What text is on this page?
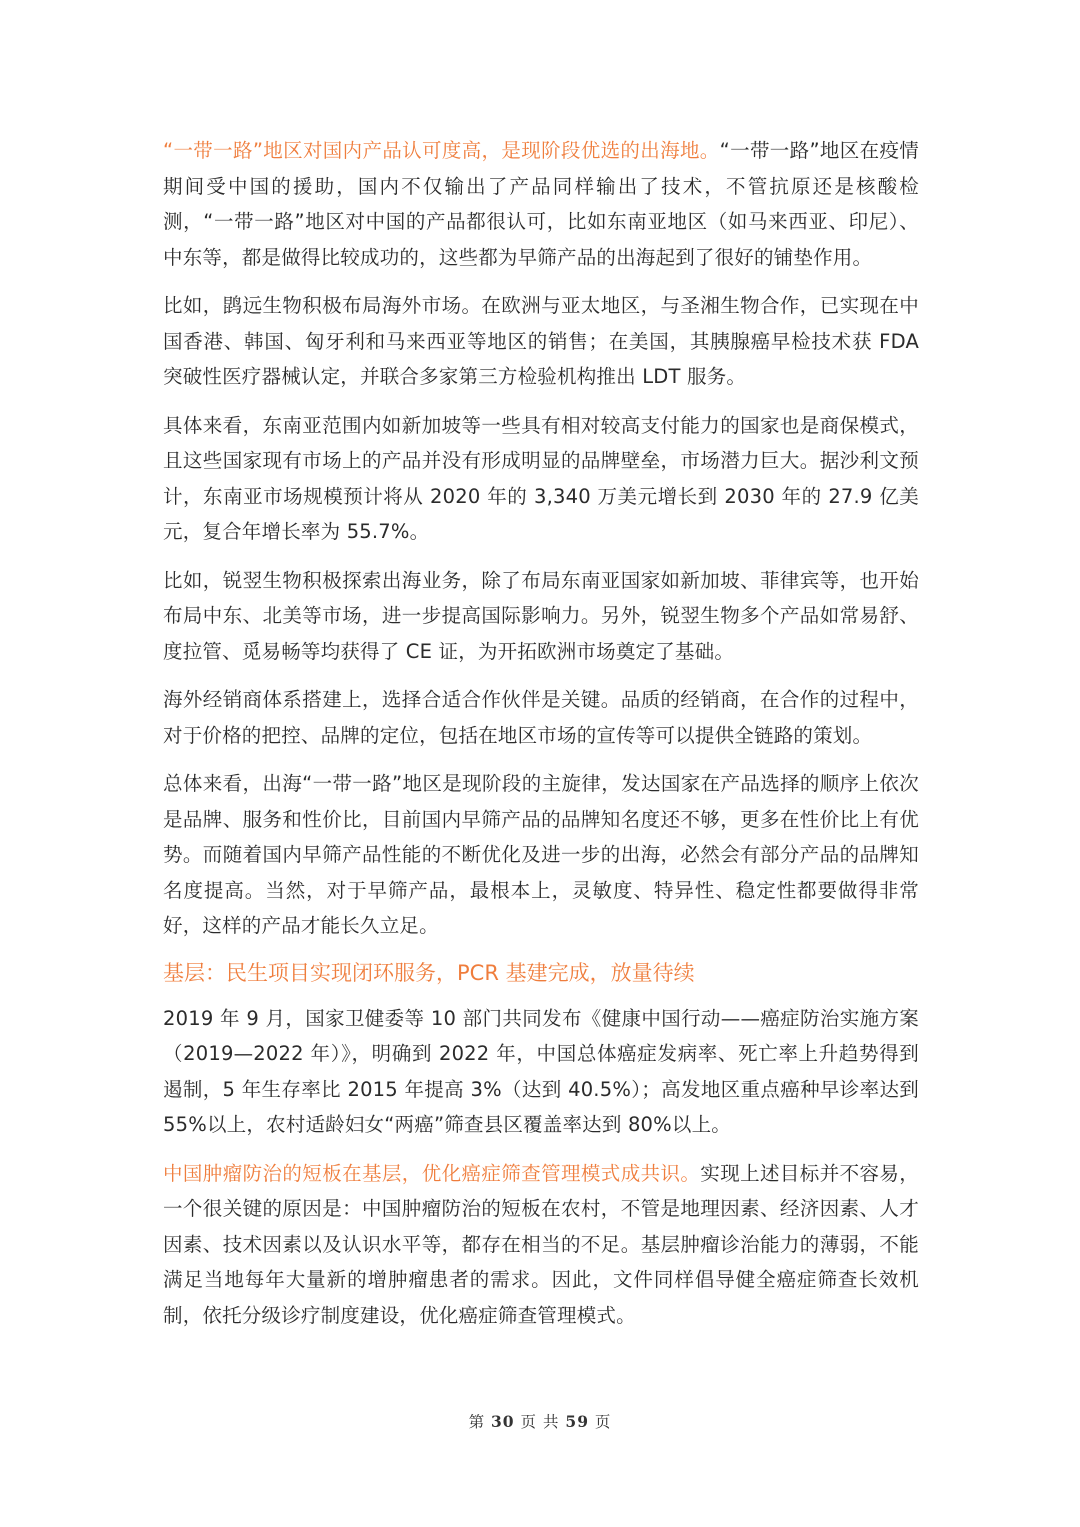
“一带一路”地区对国内产品认可度高，是现阶段优选的出海地。“一带一路”地区在疫情期间受中国的援助，国内不仅输出了产品同样输出了技术，不管抗原还是核酸检测，“一带一路”地区对中国的产品都很认可，比如东南亚地区（如马来西亚、印尼）、中东等，都是做得比较成功的，这些都为早筛产品的出海起到了很好的铺垫作用。

比如，鹍远生物积极布局海外市场。在欧洲与亚太地区，与圣湘生物合作，已实现在中国香港、韩国、匈牙利和马来西亚等地区的销售；在美国，其胰腺癌早检技术获 FDA 突破性医疗器械认定，并联合多家第三方检验机构推出 LDT 服务。

具体来看，东南亚范围内如新加坡等一些具有相对较高支付能力的国家也是商保模式，且这些国家现有市场上的产品并没有形成明显的品牌壁垒，市场潜力巨大。据沙利文预计，东南亚市场规模预计将从 2020 年的 3,340 万美元增长到 2030 年的 27.9 亿美元，复合年增长率为 55.7%。

比如，锐翌生物积极探索出海业务，除了布局东南亚国家如新加坡、菲律宾等，也开始布局中东、北美等市场，进一步提高国际影响力。另外，锐翌生物多个产品如常易舒、度拉管、觅易畅等均获得了 CE 证，为开拓欧洲市场奠定了基础。

海外经销商体系搭建上，选择合适合作伙伴是关键。品质的经销商，在合作的过程中，对于价格的把控、品牌的定位，包括在地区市场的宣传等可以提供全链路的策划。

总体来看，出海“一带一路”地区是现阶段的主旋律，发达国家在产品选择的顺序上依次是品牌、服务和性价比，目前国内早筛产品的品牌知名度还不够，更多在性价比上有优势。而随着国内早筛产品性能的不断优化及进一步的出海，必然会有部分产品的品牌知名度提高。当然，对于早筛产品，最根本上，灵敏度、特异性、稳定性都要做得非常好，这样的产品才能长久立足。

基层：民生项目实现闭环服务，PCR 基建完成，放量待续

2019 年 9 月，国家卫健委等 10 部门共同发布《健康中国行动——癌症防治实施方案（2019—2022 年）》，明确到 2022 年，中国总体癌症发病率、死亡率上升趋势得到遏制，5 年生存率比 2015 年提高 3%（达到 40.5%）；高发地区重点癌种早诊率达到 55%以上，农村适龄妇女“两癌”筛查县区覆盖率达到 80%以上。

中国肿瘤防治的短板在基层，优化癌症筛查管理模式成共识。实现上述目标并不容易，一个很关键的原因是：中国肿瘤防治的短板在农村，不管是地理因素、经济因素、人才因素、技术因素以及认识水平等，都存在相当的不足。基层肿瘤诊治能力的薄弱，不能满足当地每年大量新的增肿瘤患者的需求。因此，文件同样倡导健全癌症筛查长效机制，依托分级诊疗制度建设，优化癌症筛查管理模式。

第 30 页 共 59 页
